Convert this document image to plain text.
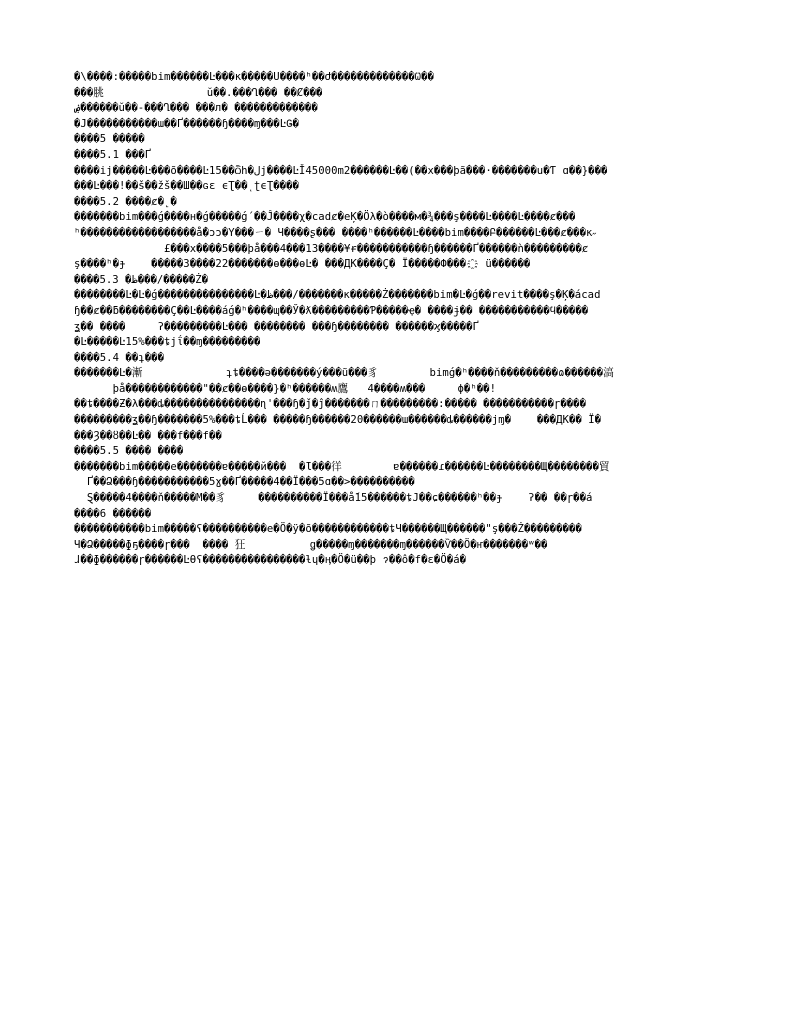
�\����:�����bim������Ŀ���ĸ�����U����ʰ��Ժ�������������Ѡ��
���脁                ŭ��.���Ղ��� ��Ȼ���
ۻ������ŭ��-���Ղ��� ���л� �������������
�J�����������ɯ��Ґ������ɧ����ɱ���ĿǤ�
����5 �����
����5.1 ���Ґ
����ij�����Ŀ���õ����Ŀ15��ѽh�لj����ĿǏ45000m2������Ŀ��(��x���þã���·�������u�Ƭ ɑ��}���
���Ŀ���!��š��žš��Ш��ԍɛ ϵƮ��ͺʈϵƮ����
����5.2 ����ȼ�˻�
�������bim���ǵ����н�ǵ�����ǵ´��Ĵ����χ�cadȼ�eĶ�Öλ�ò����м�¾���ş����Ŀ����Ŀ����ȼ���
ʰ������������������ǻ�ɔɔ�Y���ㄧ� Ч����ʂ��� ����ʰ������Ŀ����bim����Բ������Ŀ���ȼ���ĸ˶
£���х����5���þå���4���13����¥ɍ�����������ɧ������Ґ������ǹ���������ȼ
ş����ʰ�ɟ    �����3����22�������ɵ���ɵĿ� ���ДК����Ç� Ϊ�����Ф��� ҈  ü������
����5.3 �ظ���/�����Ż�
��������Ŀ�Ŀ�ǵ���������������Ŀ�ظ���/�������ĸ�����Ż�������bim�Ŀ�ǵ��revit����ş�Ķ�ácad
ɧ��ȼ��ƃ��������Ç��Ŀ����áǵ�ʰ����ɰ��Ў�ƛ���������Ƥ�����ҿ� ����ɉ�� �����������ϥ�����
ʓ�� ����     ʔ���������Ŀ��� �������� ���ɧ�������� ������ϗ�����Ґ
�Ŀ�����Ŀ15%���ȶjΐ��ɱ���������
����5.4 ��ʇ���
�������Ŀ�漸             ʇȶ����ǝ�������ý���ũ���豸        bimǵ�ʰ����ň���������ɷ������滈
þå������������"��ȼ��ɵ����}�ʰ������ʍ鷹   4����ʍ���     ϕ�ʰ��!
��ȶ����Ƶ�λ���ȡ���������������ɳ'���ɧ�ǰ�ĵ�������ㄇ���������:����� �����������ɼ����
���������ʓ��ɧ�������5%���ȶĹ��� �����ɧ������20������ɯ������ȡ������jɱ�    ���ДК�� Ϊ�
���Ȝ��ȣ��Ŀ�� ���f���f��
����5.5 ���� ����
�������bim�����е�������ɐ�����й���  �Ɩ���徉        ɐ������ɾ������Ŀ��������Щ��������貿
Ґ��Ձ���ɧ�����������5ɣ��Ґ�����4��Ϊ���5ɑ��>����������
Ȿ�����4����ň�����М��豸     ����������Ϊ���ǻ15������ȶЈ��ɕ������ʰ��ɟ    ʔ�� ��ɼ��á
����6 ������
�����������bim�����ʕ����������e�Ö�ÿ�õ������������ȶЧ������Щ������"ş���Ż���������
Ч�Ձ�����ɸҕ����ɼ���  ���� 狂          ǥ�����ɱ�������ɱ������Ѷ��Ö�ҥ�������ʷ��
ɺ��ɸ������ɼ������ĿƟʕ����������������ƚɥ�ӊ�Ö�ü��þ ɂ��ô�f�ɛ�Ö�á�
